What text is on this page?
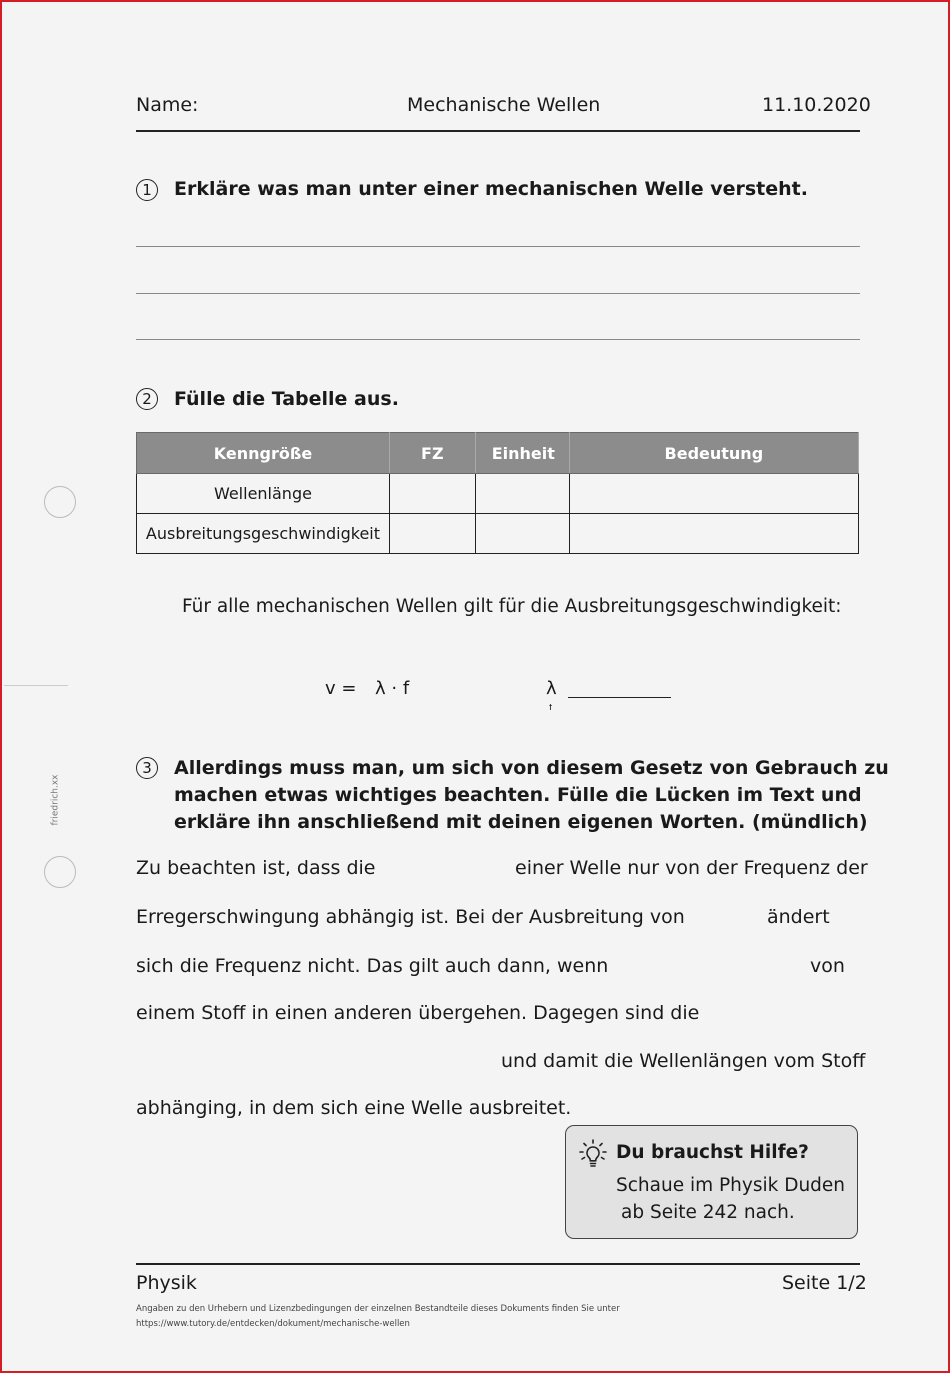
Name:	Mechanische Wellen	11.10.2020
friedrich.xx
1	Erkläre was man unter einer mechanischen Welle versteht.
2	Fülle die Tabelle aus.
Kenngröße	FZ	Einheit	Bedeutung
Wellenlänge			
Ausbreitungsgeschwindigkeit			
Für alle mechanischen Wellen gilt für die Ausbreitungsgeschwindigkeit:
v = λ · f	λ
f
3	Allerdings muss man, um sich von diesem Gesetz von Gebrauch zu
machen etwas wichtiges beachten. Fülle die Lücken im Text und
erkläre ihn anschließend mit deinen eigenen Worten. (mündlich)
Zu beachten ist, dass die	einer Welle nur von der Frequenz der
Erregerschwingung abhängig ist. Bei der Ausbreitung von	ändert
sich die Frequenz nicht. Das gilt auch dann, wenn	von
einem Stoff in einen anderen übergehen. Dagegen sind die
und damit die Wellenlängen vom Stoff
abhänging, in dem sich eine Welle ausbreitet.
Du brauchst Hilfe?
Schaue im Physik Duden
ab Seite 242 nach.
Physik	Seite 1/2
Angaben zu den Urhebern und Lizenzbedingungen der einzelnen Bestandteile dieses Dokuments finden Sie unter
https://www.tutory.de/entdecken/dokument/mechanische-wellen
